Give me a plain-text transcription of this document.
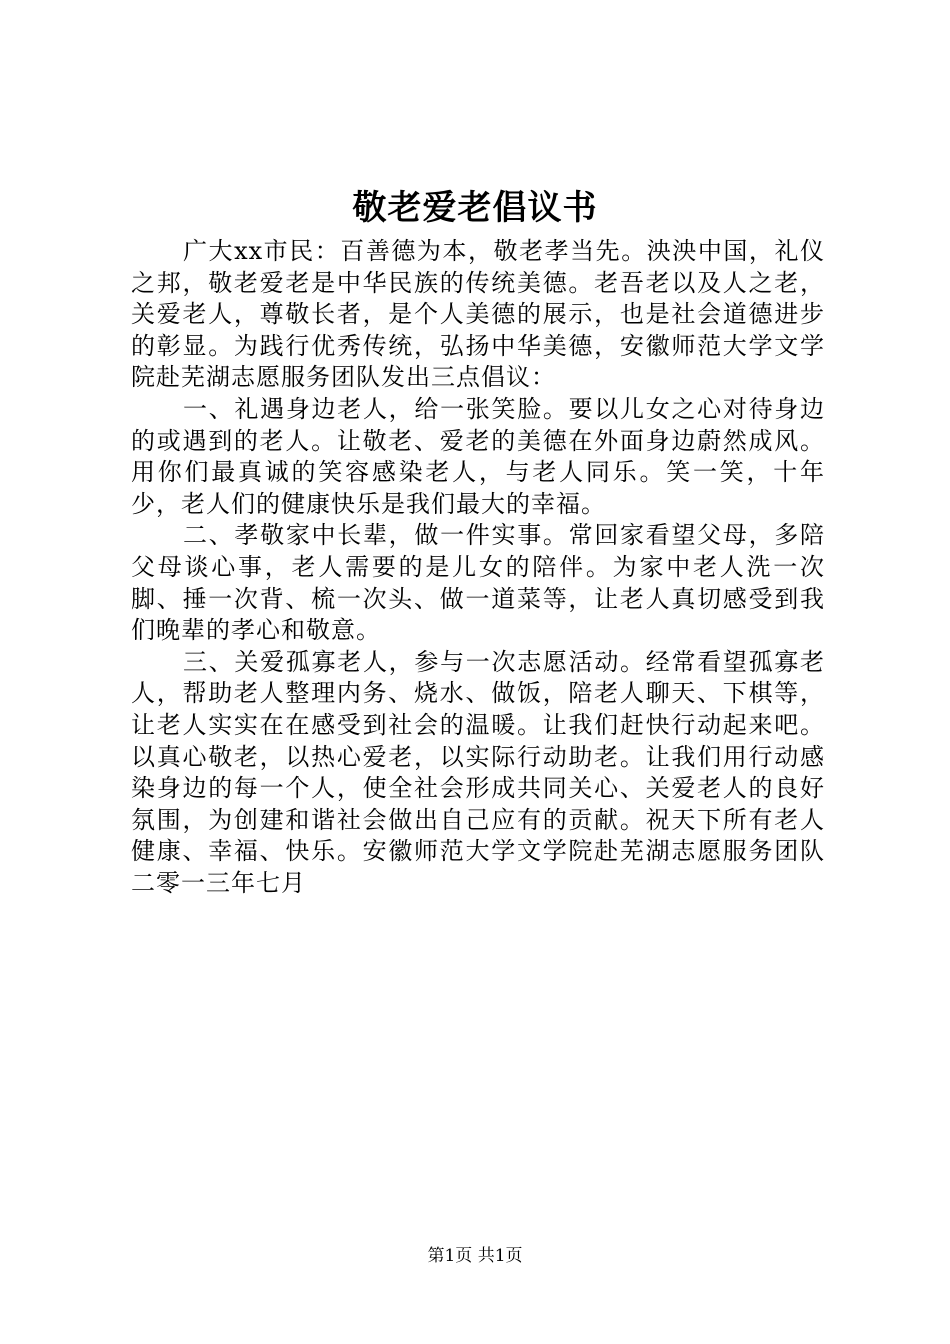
敬老爱老倡议书

广大xx市民：百善德为本，敬老孝当先。泱泱中国，礼仪之邦，敬老爱老是中华民族的传统美德。老吾老以及人之老，关爱老人，尊敬长者，是个人美德的展示，也是社会道德进步的彰显。为践行优秀传统，弘扬中华美德，安徽师范大学文学院赴芜湖志愿服务团队发出三点倡议：

一、礼遇身边老人，给一张笑脸。要以儿女之心对待身边的或遇到的老人。让敬老、爱老的美德在外面身边蔚然成风。用你们最真诚的笑容感染老人，与老人同乐。笑一笑，十年少，老人们的健康快乐是我们最大的幸福。

二、孝敬家中长辈，做一件实事。常回家看望父母，多陪父母谈心事，老人需要的是儿女的陪伴。为家中老人洗一次脚、捶一次背、梳一次头、做一道菜等，让老人真切感受到我们晚辈的孝心和敬意。

三、关爱孤寡老人，参与一次志愿活动。经常看望孤寡老人，帮助老人整理内务、烧水、做饭，陪老人聊天、下棋等，让老人实实在在感受到社会的温暖。让我们赶快行动起来吧。以真心敬老，以热心爱老，以实际行动助老。让我们用行动感染身边的每一个人，使全社会形成共同关心、关爱老人的良好氛围，为创建和谐社会做出自己应有的贡献。祝天下所有老人健康、幸福、快乐。安徽师范大学文学院赴芜湖志愿服务团队二零一三年七月

第1页 共1页
